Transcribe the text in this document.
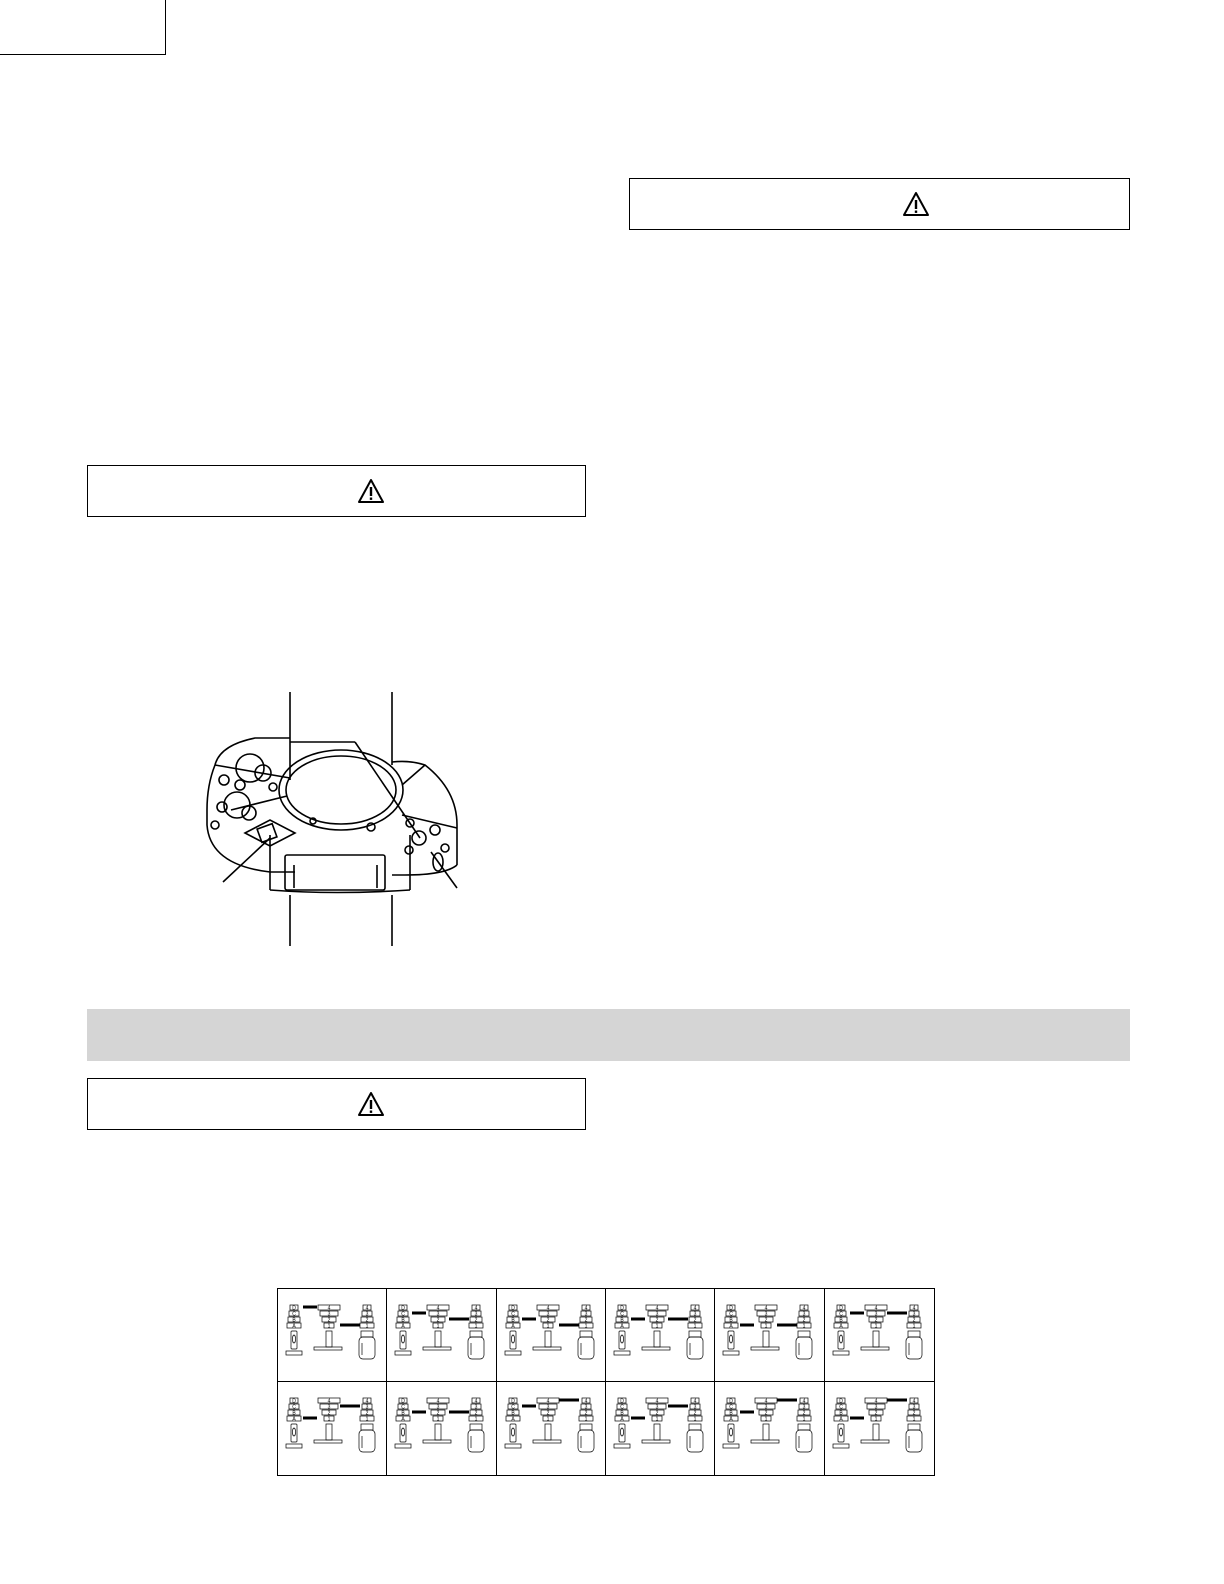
D	4	4
C	3	3
B	2	2
A	1	1
D	4	4
C	3	3
B	2	2
A	1	1
D	4	4
C	3	3
B	2	2
A	1	1
D	4	4
C	3	3
B	2	2
A	1	1
D	4	4
C	3	3
B	2	2
A	1	1
D	4	4
C	3	3
B	2	2
A	1	1
D	4	4
C	3	3
B	2	2
A	1	1
D	4	4
C	3	3
B	2	2
A	1	1
D	4	4
C	3	3
B	2	2
A	1	1
D	4	4
C	3	3
B	2	2
A	1	1
D	4	4
C	3	3
B	2	2
A	1	1
D	4	4
C	3	3
B	2	2
A	1	1
